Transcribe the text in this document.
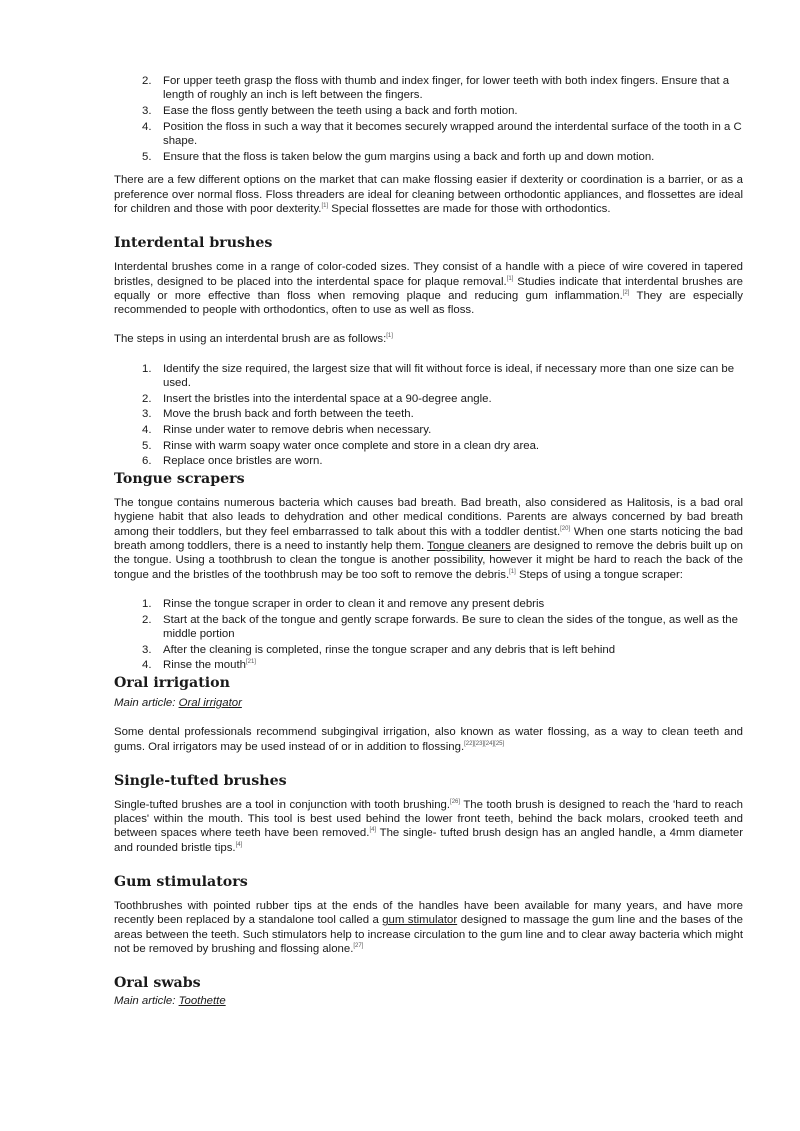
2. For upper teeth grasp the floss with thumb and index finger, for lower teeth with both index fingers. Ensure that a length of roughly an inch is left between the fingers.
3. Ease the floss gently between the teeth using a back and forth motion.
4. Position the floss in such a way that it becomes securely wrapped around the interdental surface of the tooth in a C shape.
5. Ensure that the floss is taken below the gum margins using a back and forth up and down motion.

There are a few different options on the market that can make flossing easier if dexterity or coordination is a barrier, or as a preference over normal floss. Floss threaders are ideal for cleaning between orthodontic appliances, and flossettes are ideal for children and those with poor dexterity.[1] Special flossettes are made for those with orthodontics.

Interdental brushes

Interdental brushes come in a range of color-coded sizes. They consist of a handle with a piece of wire covered in tapered bristles, designed to be placed into the interdental space for plaque removal.[1] Studies indicate that interdental brushes are equally or more effective than floss when removing plaque and reducing gum inflammation.[2] They are especially recommended to people with orthodontics, often to use as well as floss.

The steps in using an interdental brush are as follows:[1]

1. Identify the size required, the largest size that will fit without force is ideal, if necessary more than one size can be used.
2. Insert the bristles into the interdental space at a 90-degree angle.
3. Move the brush back and forth between the teeth.
4. Rinse under water to remove debris when necessary.
5. Rinse with warm soapy water once complete and store in a clean dry area.
6. Replace once bristles are worn.
Tongue scrapers

The tongue contains numerous bacteria which causes bad breath. Bad breath, also considered as Halitosis, is a bad oral hygiene habit that also leads to dehydration and other medical conditions. Parents are always concerned by bad breath among their toddlers, but they feel embarrassed to talk about this with a toddler dentist.[20] When one starts noticing the bad breath among toddlers, there is a need to instantly help them. Tongue cleaners are designed to remove the debris built up on the tongue. Using a toothbrush to clean the tongue is another possibility, however it might be hard to reach the back of the tongue and the bristles of the toothbrush may be too soft to remove the debris.[1] Steps of using a tongue scraper:

1. Rinse the tongue scraper in order to clean it and remove any present debris
2. Start at the back of the tongue and gently scrape forwards. Be sure to clean the sides of the tongue, as well as the middle portion
3. After the cleaning is completed, rinse the tongue scraper and any debris that is left behind
4. Rinse the mouth[21]
Oral irrigation

Main article: Oral irrigator

Some dental professionals recommend subgingival irrigation, also known as water flossing, as a way to clean teeth and gums. Oral irrigators may be used instead of or in addition to flossing.[22][23][24][25]

Single-tufted brushes

Single-tufted brushes are a tool in conjunction with tooth brushing.[26] The tooth brush is designed to reach the 'hard to reach places' within the mouth. This tool is best used behind the lower front teeth, behind the back molars, crooked teeth and between spaces where teeth have been removed.[4] The single- tufted brush design has an angled handle, a 4mm diameter and rounded bristle tips.[4]

Gum stimulators

Toothbrushes with pointed rubber tips at the ends of the handles have been available for many years, and have more recently been replaced by a standalone tool called a gum stimulator designed to massage the gum line and the bases of the areas between the teeth. Such stimulators help to increase circulation to the gum line and to clear away bacteria which might not be removed by brushing and flossing alone.[27]

Oral swabs

Main article: Toothette
